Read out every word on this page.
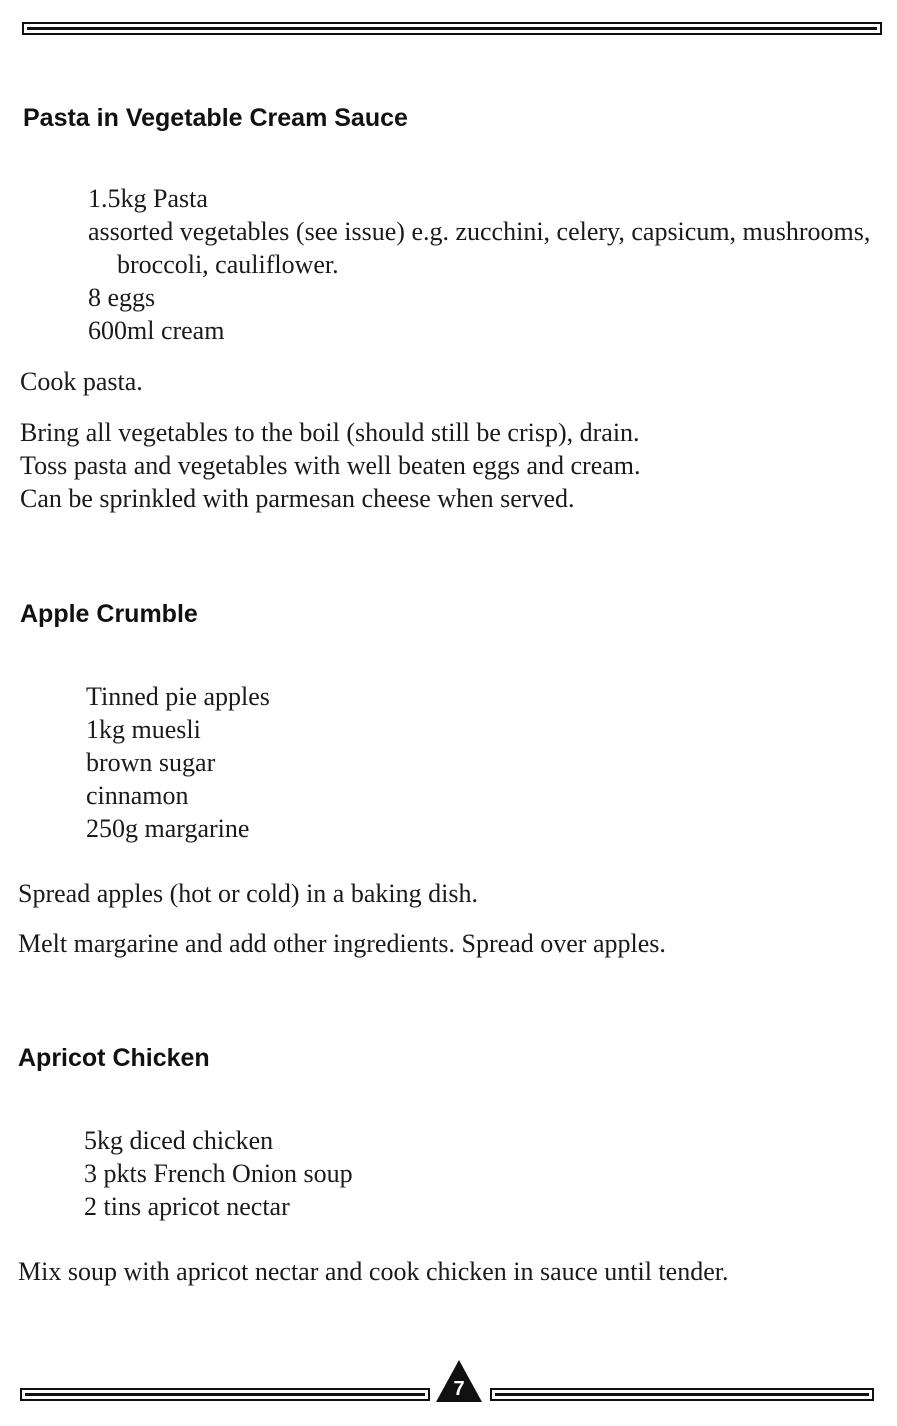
Pasta in Vegetable Cream Sauce
1.5kg Pasta
assorted vegetables (see issue) e.g. zucchini, celery, capsicum, mushrooms, broccoli, cauliflower.
8 eggs
600ml cream

Cook pasta.

Bring all vegetables to the boil (should still be crisp), drain.
Toss pasta and vegetables with well beaten eggs and cream.
Can be sprinkled with parmesan cheese when served.

Apple Crumble
Tinned pie apples
1kg muesli
brown sugar
cinnamon
250g margarine

Spread apples (hot or cold) in a baking dish.

Melt margarine and add other ingredients. Spread over apples.

Apricot Chicken
5kg diced chicken
3 pkts French Onion soup
2 tins apricot nectar

Mix soup with apricot nectar and cook chicken in sauce until tender.

7
